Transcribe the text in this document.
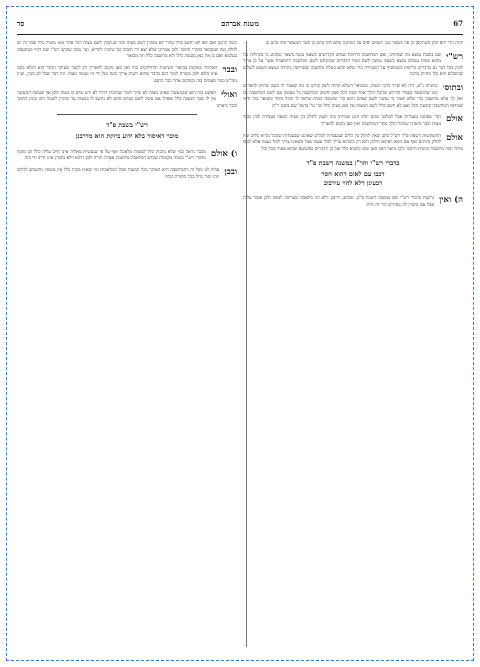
67
משנת אברהם
סד
לתת הרי יחפ תתן כשתקפן הן פה כשאר כגון רעבים יפים על המתנה שלא תלו בהם כן כשר המעשר פהו בהם כן
רש"י
שם בשבת נמצא מה שמחויב, ואם המחשבה דהייבת שמים הקדושים כשאני עשה כשאר שהגיע כו בקהלות מה מהוא כמות עמהם נמצא כשאני עושה לשם כמה הדברים שכוונתם לשם ומחשבה דהמצוות אשר על כן צריך לכוון בכל דבר גם בדברים הרשות כשמוסיף על השמירה כדי שלא תהא בטלה מחשבה ששורשה בתורה ונמצא כשבא לשלום שהשלום הוא כלי מחזיק ברכה
ובתוס׳
קושיתו נ"ע, דיה לא שייך כרבי ושמה, כמבואר דשלא תהיה לשון קודש כו מה שאמר לו כשם שחייב להפריש כמו שהתבאר בספרי הדרוש שהכל הולך אחר כונת הלב ואם יחשוב המחשבה כל מעשה אם לשם המחשבה וכו ואין לך אלא מחשבה כדי שלא יאמר כי עושה לשם שמים והוא כדי שיעשה כמות שראוי לו והכל ביחד ומבואר בזה ודאי שבודאי המחשבה קובעת הכל ואם לא חשב כלל לשם המצוה אין כאן מצוה כלל וכו' עי' בתוס' שם בשם ר"ת
אולם
תהי שפוטנו מעבדות אבל לסלבנו שהם יכחו הגט שמייתו בזה הענין לחלק בין מצוה הבאה בעבירה לבין שאר מצות וכבר ביארנו שהכל הולך אחר המחשבה ואין כאן מקום להאריך
אולם
התשתשות דשפת פ"ד רש"ל כתב שאין לחלק בין כלים שבעבדות לכלים שאינם שבעבדות שהכל נקרא כלים ואין לחלק ביניהם ואף אם נימא דאיכא חילוק הוא רק כשהוא צריך לכלי עצמו אבל כשאינו צריך לכלי עצמו אלא לגופו מותר ובזה מיושבת קושית התוס' ולכן נראה דאין כאן שום קושיא כלל ועל כן הדברים כפשוטם שהוא פטור מכל וכל
בדברי רש"י והר"ן במשנה דשבת פ"ד
דכבו עם לאום דהוא חסר
דבעינן דלא להוי עירבוב
ה) ואין
נרקבת כדברי רש"י שם במשנה דשבת פ"ב, שכתב, דרבנן דלא הוי מלאכה שצריכה לגופה ולכן פטור עליה אבל אם נתכוין לה בפירוש הרי זה חייב
קשה לרבנן ואם לאו לא יחשב כלל שהרי לא נתכוין לשם מצוה ומה שנתכוין לשם מצוה דבר אחר אינו מועיל כלל ובכל זה יש לחלק כמו שמבואר בדברי התוס' ולכן אמרינן שלא יצא ידי חובתו עד שיכוין להדיא, ועי' במה שכתב רש"י שם דהוי כמתעסק בעלמא ואם כן אין כאן מעשה כלל ולא מחשבה כלל וזה מבואר
ובבר
הארכתי במקומו בביאור השיטות והחילוקים בזה ואין כאן מקום להאריך רק לקצר שעיקר הדבר הוא דבלא כונה אינו כלום ולכן מוכרח לומר דגם בדבר שהוא רשות צריך כונה ועל ידי זה נעשה מצוה, וזה דבר שכל לב מבין, ועיין ממ"ש כמה פעמים בזה ובמקום אחר כבר כתבנו
ואולי
הפשט בזה הוא שבמעשה שאינו מצוה לא שייך לומר שנתכוין דהרי לא ידע שיש בו מצוה ולכן אף שעשה המעשה אין לו שכר המצוה כלל ואפילו אם עשה לשם שמים סתם לא נחשב לו כמצוה עד שיכוין לשמה וזהו כונת התוס' וכבר ביארנו
רש"י בשבת פ"ד
מוכר דאיסור בלא ידוע ביזקת הוא מדרבנן
ו) אולם
מכבר נראה כמי שלא נתכוין כלל לעשות מלאכה ואף על פי שנעשית מאליה אינו חייב עליה כלל וכן מוכח מדברי רש"י בכמה מקומות שכתב דמלאכת מחשבת אסרה תורה ולכן היכא דלא נתכוין אינו חייב ודי בזה
ובכן
עולה לנו מכל זה דהמחשבה היא העיקר בכל המצות ובכל המלאכות ומי שאינו מכוין כלל אין מעשיו נחשבים לכלום וזהו יסוד גדול בכל התורה כולה
